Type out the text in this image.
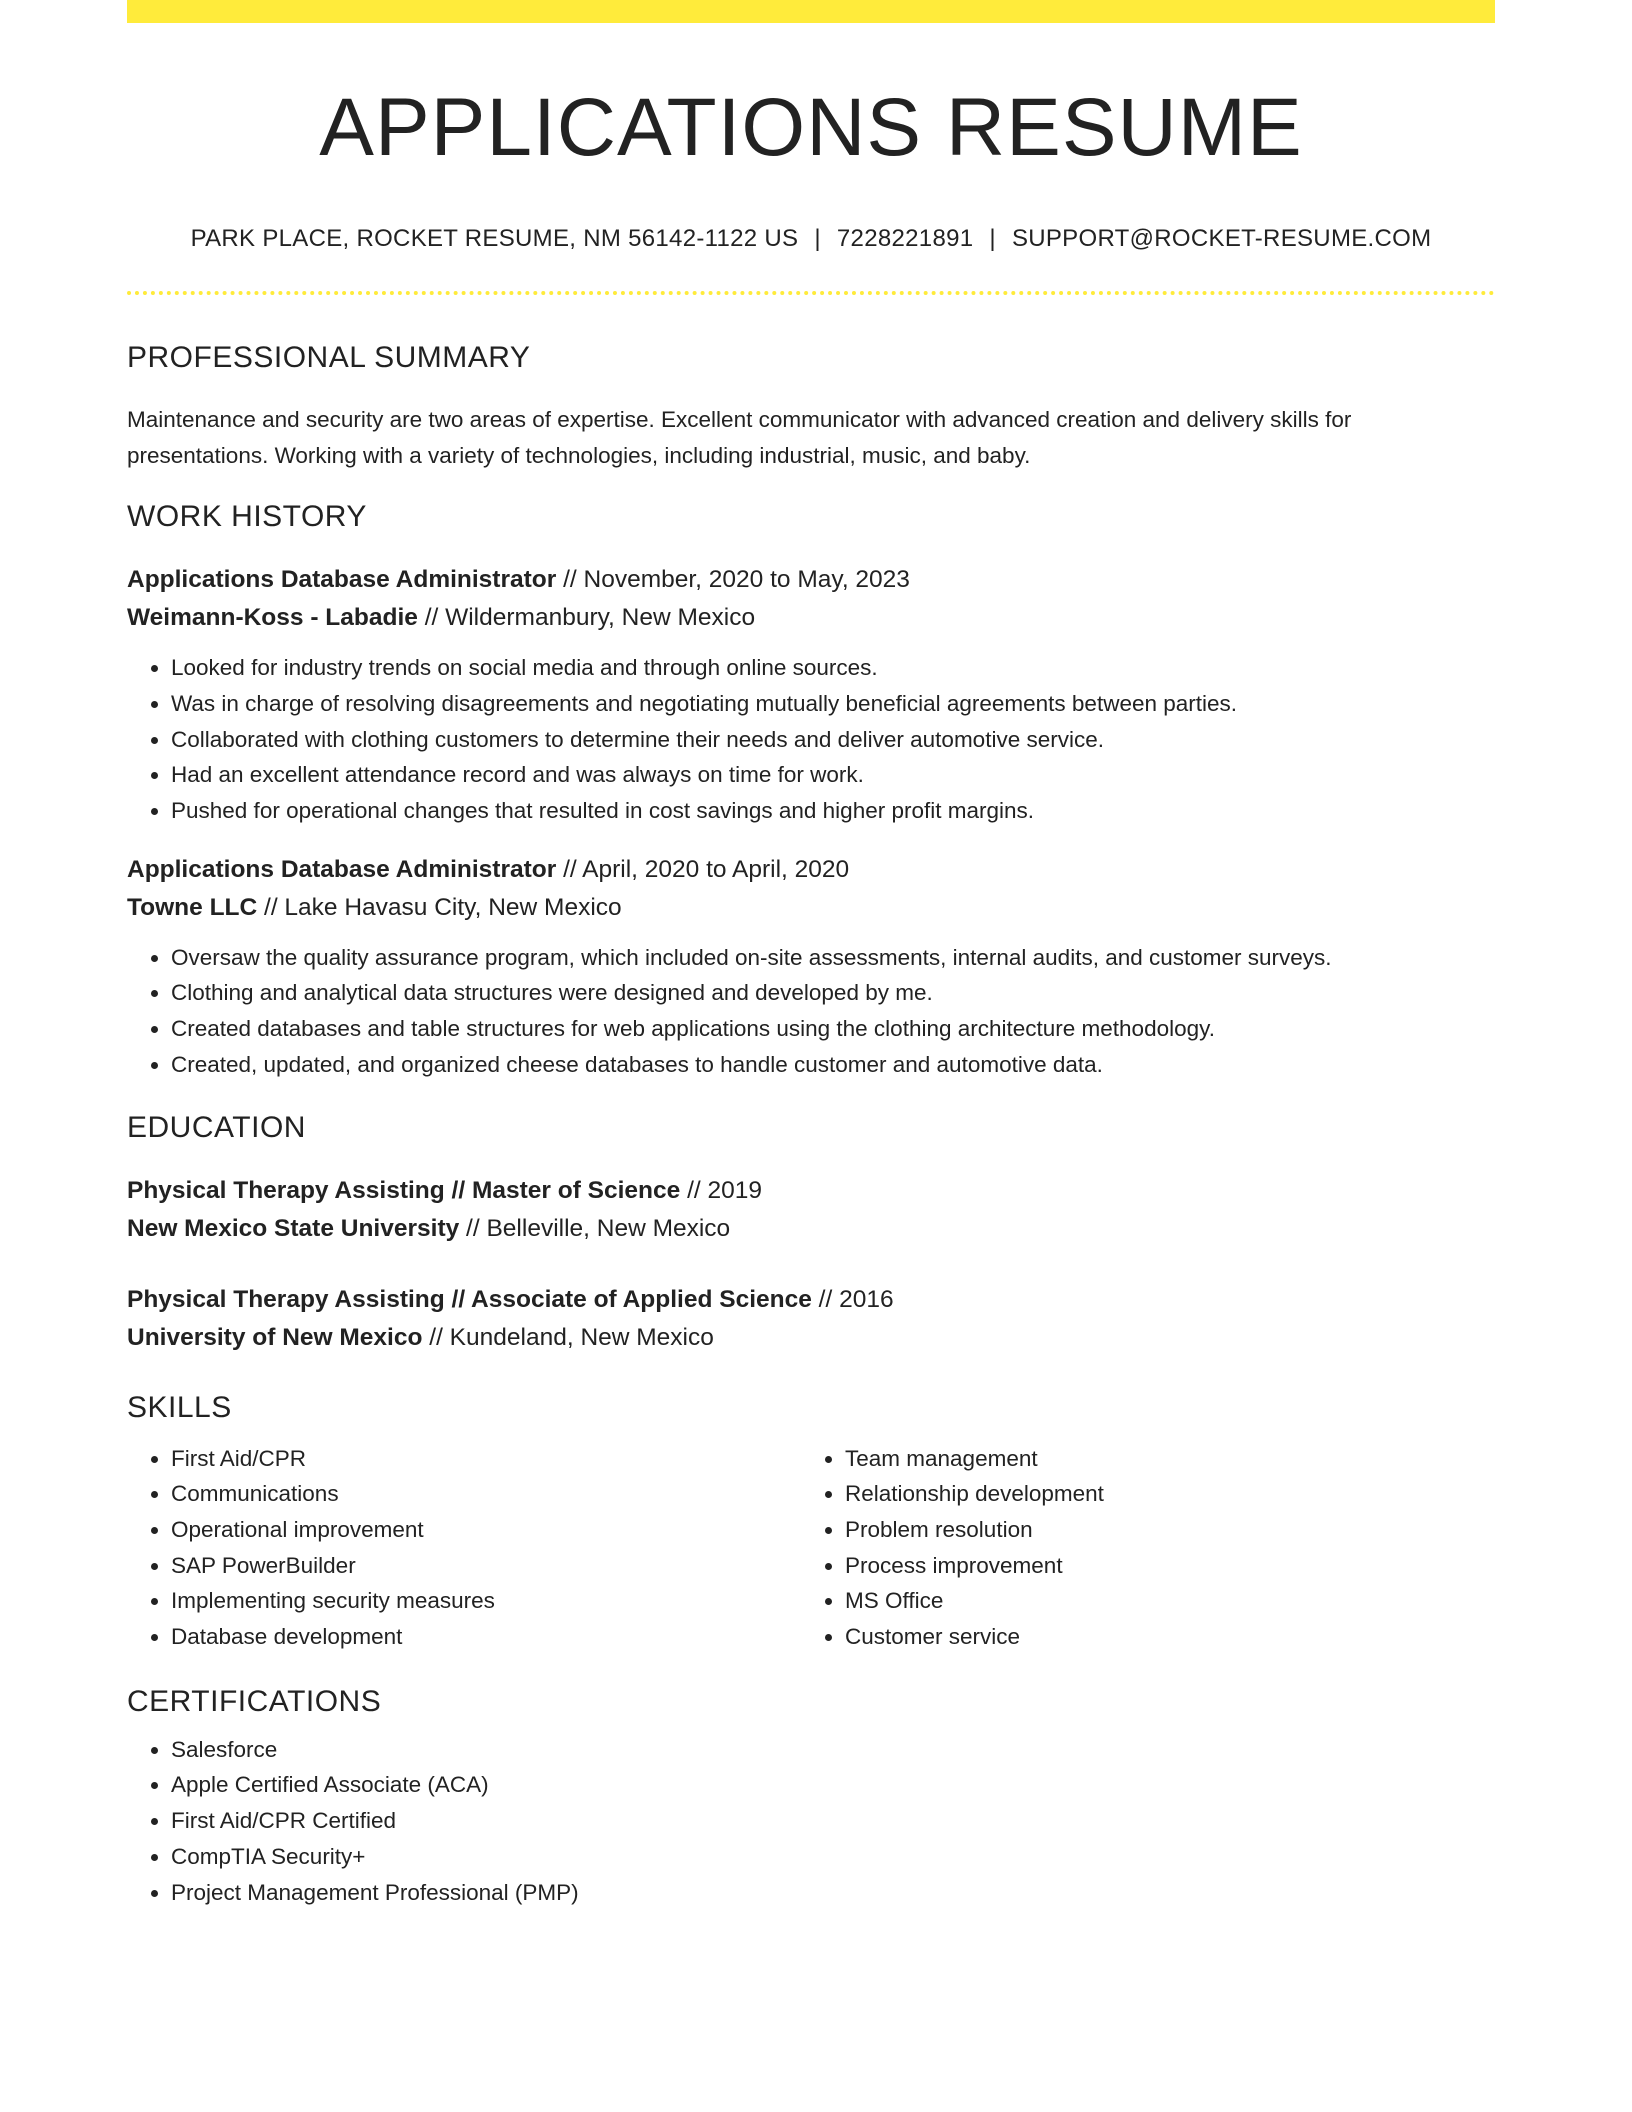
APPLICATIONS RESUME
PARK PLACE, ROCKET RESUME, NM 56142-1122 US | 7228221891 | SUPPORT@ROCKET-RESUME.COM
PROFESSIONAL SUMMARY
Maintenance and security are two areas of expertise. Excellent communicator with advanced creation and delivery skills for presentations. Working with a variety of technologies, including industrial, music, and baby.
WORK HISTORY
Applications Database Administrator // November, 2020 to May, 2023
Weimann-Koss - Labadie // Wildermanbury, New Mexico
• Looked for industry trends on social media and through online sources.
• Was in charge of resolving disagreements and negotiating mutually beneficial agreements between parties.
• Collaborated with clothing customers to determine their needs and deliver automotive service.
• Had an excellent attendance record and was always on time for work.
• Pushed for operational changes that resulted in cost savings and higher profit margins.
Applications Database Administrator // April, 2020 to April, 2020
Towne LLC // Lake Havasu City, New Mexico
• Oversaw the quality assurance program, which included on-site assessments, internal audits, and customer surveys.
• Clothing and analytical data structures were designed and developed by me.
• Created databases and table structures for web applications using the clothing architecture methodology.
• Created, updated, and organized cheese databases to handle customer and automotive data.
EDUCATION
Physical Therapy Assisting // Master of Science // 2019
New Mexico State University // Belleville, New Mexico
Physical Therapy Assisting // Associate of Applied Science // 2016
University of New Mexico // Kundeland, New Mexico
SKILLS
• First Aid/CPR
• Communications
• Operational improvement
• SAP PowerBuilder
• Implementing security measures
• Database development
• Team management
• Relationship development
• Problem resolution
• Process improvement
• MS Office
• Customer service
CERTIFICATIONS
• Salesforce
• Apple Certified Associate (ACA)
• First Aid/CPR Certified
• CompTIA Security+
• Project Management Professional (PMP)
